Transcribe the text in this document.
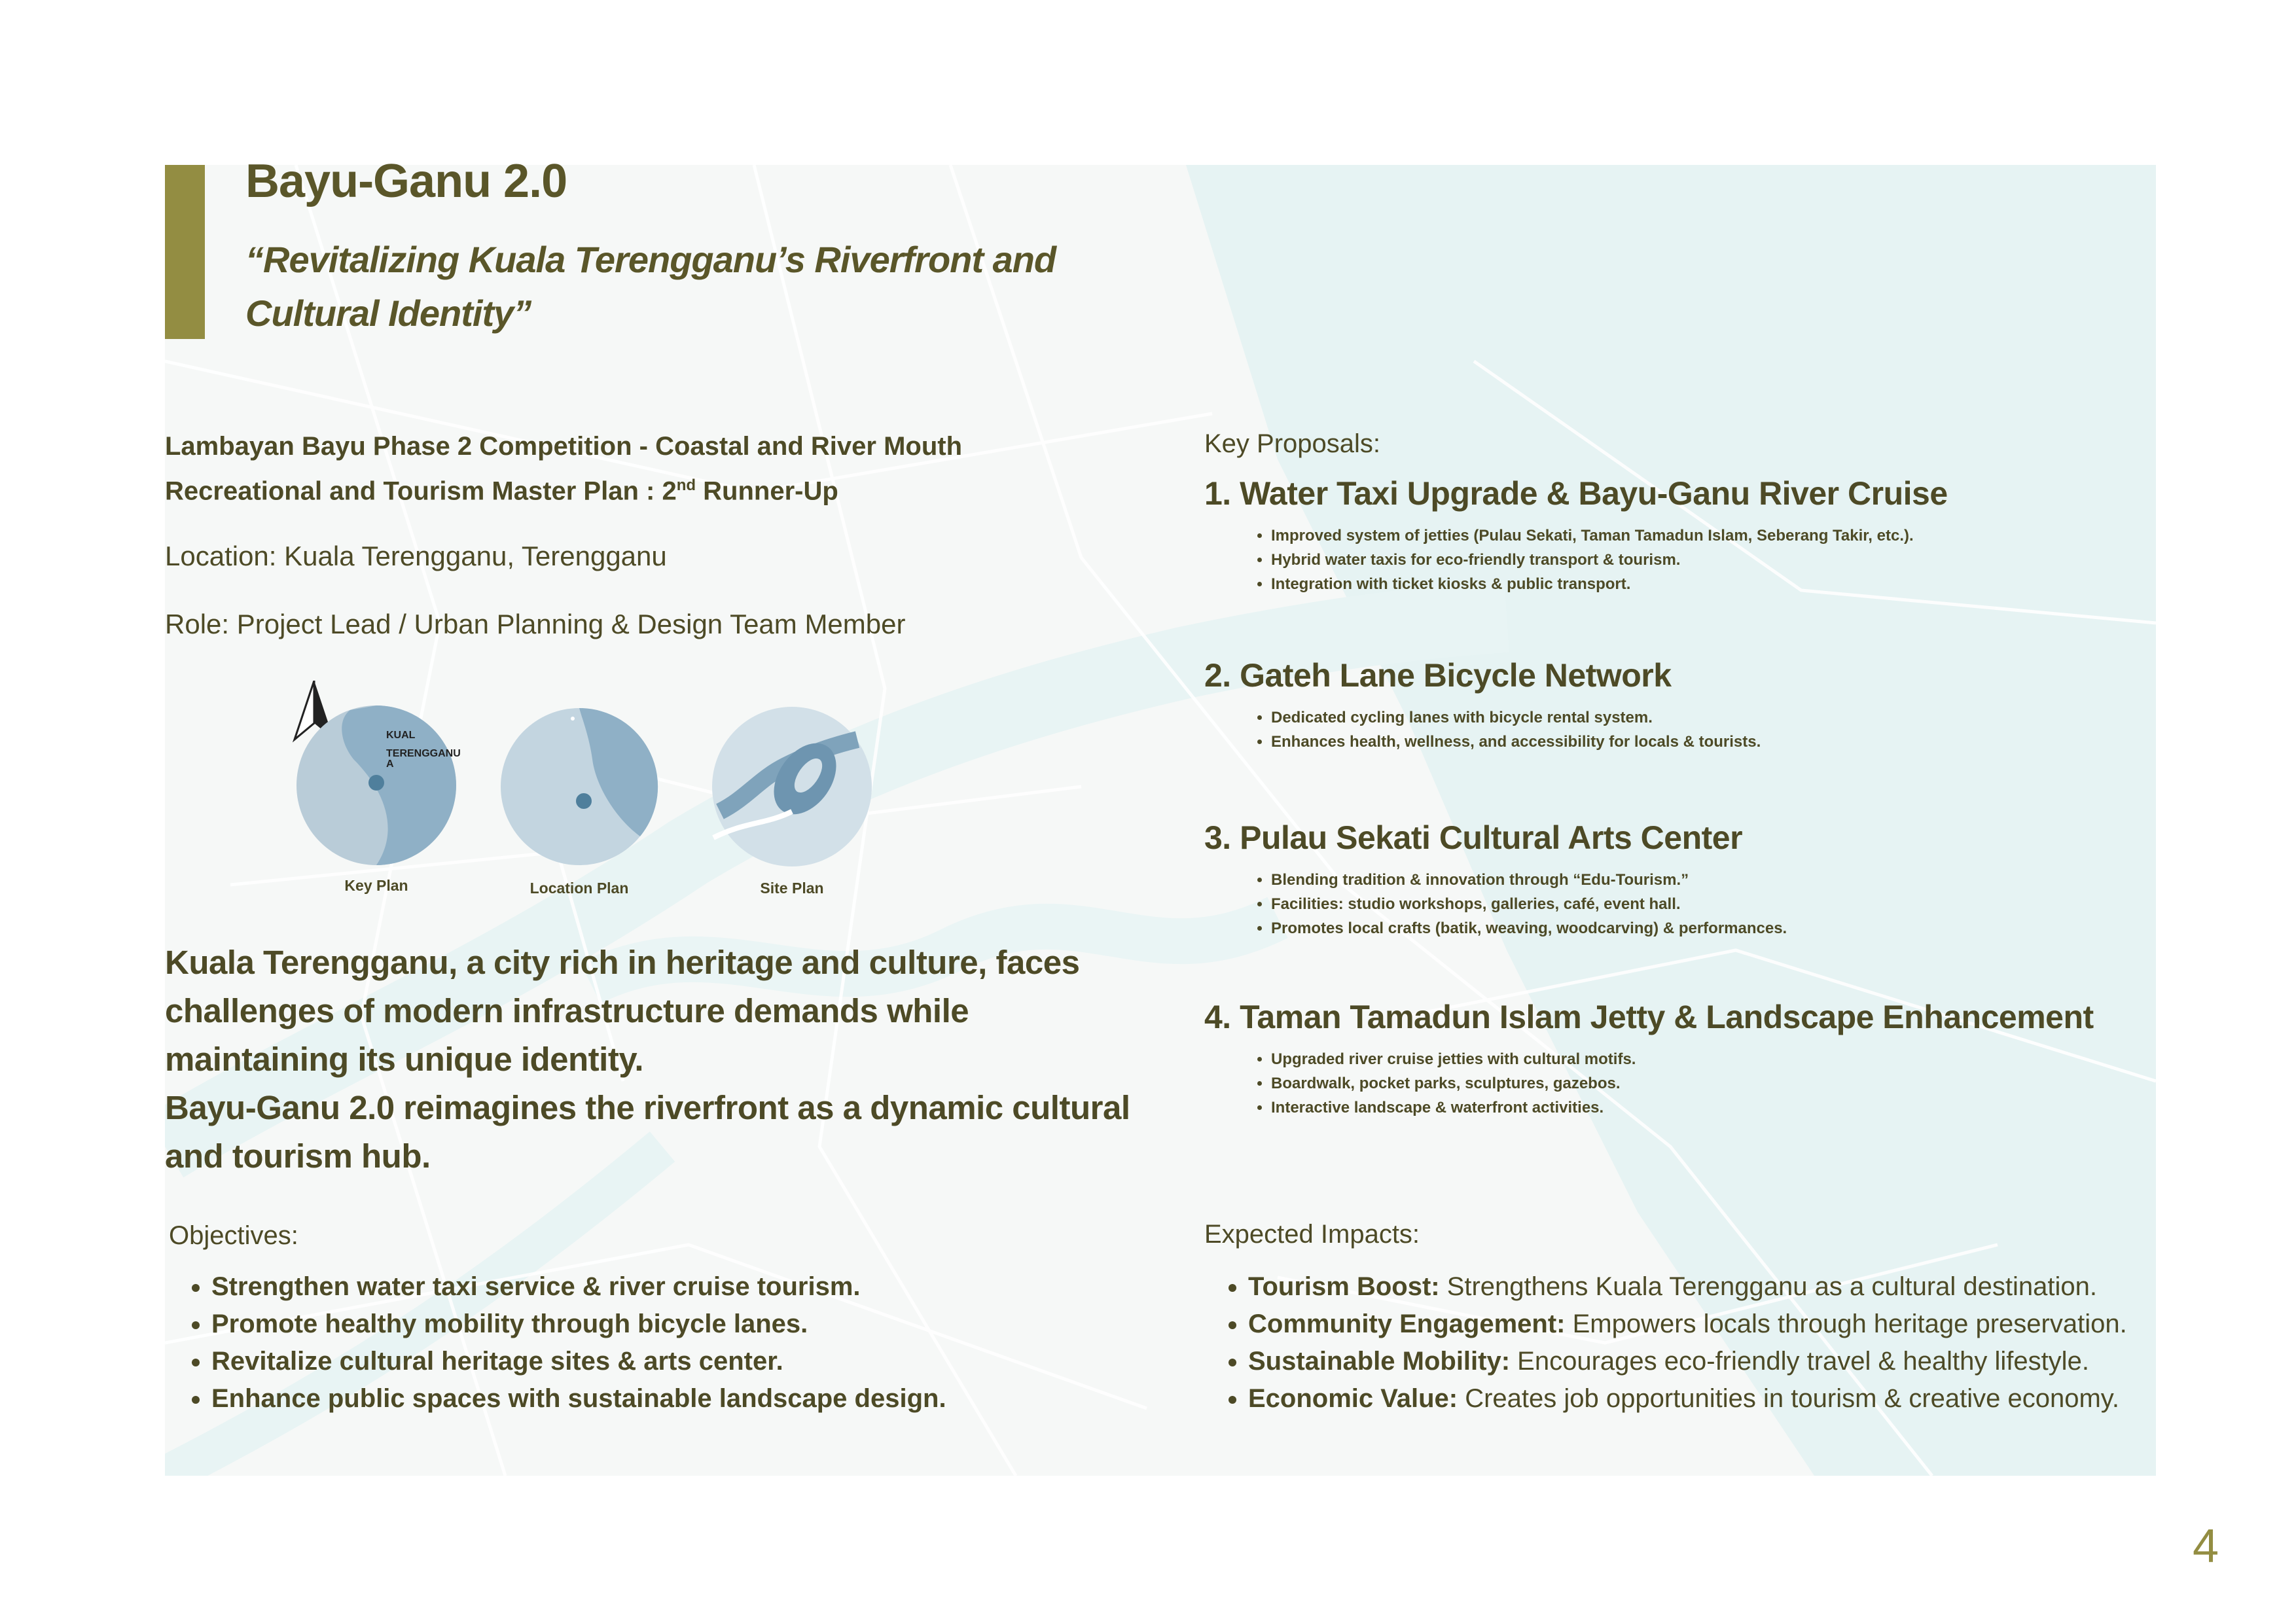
Bayu-Ganu 2.0

“Revitalizing Kuala Terengganu’s Riverfront and Cultural Identity”

Lambayan Bayu Phase 2 Competition - Coastal and River Mouth
Recreational and Tourism Master Plan : 2nd Runner-Up
Location: Kuala Terengganu, Terengganu
Role: Project Lead / Urban Planning & Design Team Member
KUAL TERENGGANU A
Key Plan	Location Plan	Site Plan

Kuala Terengganu, a city rich in heritage and culture, faces challenges of modern infrastructure demands while maintaining its unique identity.

Bayu-Ganu 2.0 reimagines the riverfront as a dynamic cultural and tourism hub.

Objectives:
• Strengthen water taxi service & river cruise tourism.
• Promote healthy mobility through bicycle lanes.
• Revitalize cultural heritage sites & arts center.
• Enhance public spaces with sustainable landscape design.
Key Proposals:
1. Water Taxi Upgrade & Bayu-Ganu River Cruise
• Improved system of jetties (Pulau Sekati, Taman Tamadun Islam, Seberang Takir, etc.).
• Hybrid water taxis for eco-friendly transport & tourism.
• Integration with ticket kiosks & public transport.
2. Gateh Lane Bicycle Network
• Dedicated cycling lanes with bicycle rental system.
• Enhances health, wellness, and accessibility for locals & tourists.
3. Pulau Sekati Cultural Arts Center
• Blending tradition & innovation through “Edu-Tourism.”
• Facilities: studio workshops, galleries, café, event hall.
• Promotes local crafts (batik, weaving, woodcarving) & performances.
4. Taman Tamadun Islam Jetty & Landscape Enhancement
• Upgraded river cruise jetties with cultural motifs.
• Boardwalk, pocket parks, sculptures, gazebos.
• Interactive landscape & waterfront activities.
Expected Impacts:
• Tourism Boost: Strengthens Kuala Terengganu as a cultural destination.
• Community Engagement: Empowers locals through heritage preservation.
• Sustainable Mobility: Encourages eco-friendly travel & healthy lifestyle.
• Economic Value: Creates job opportunities in tourism & creative economy.
4
